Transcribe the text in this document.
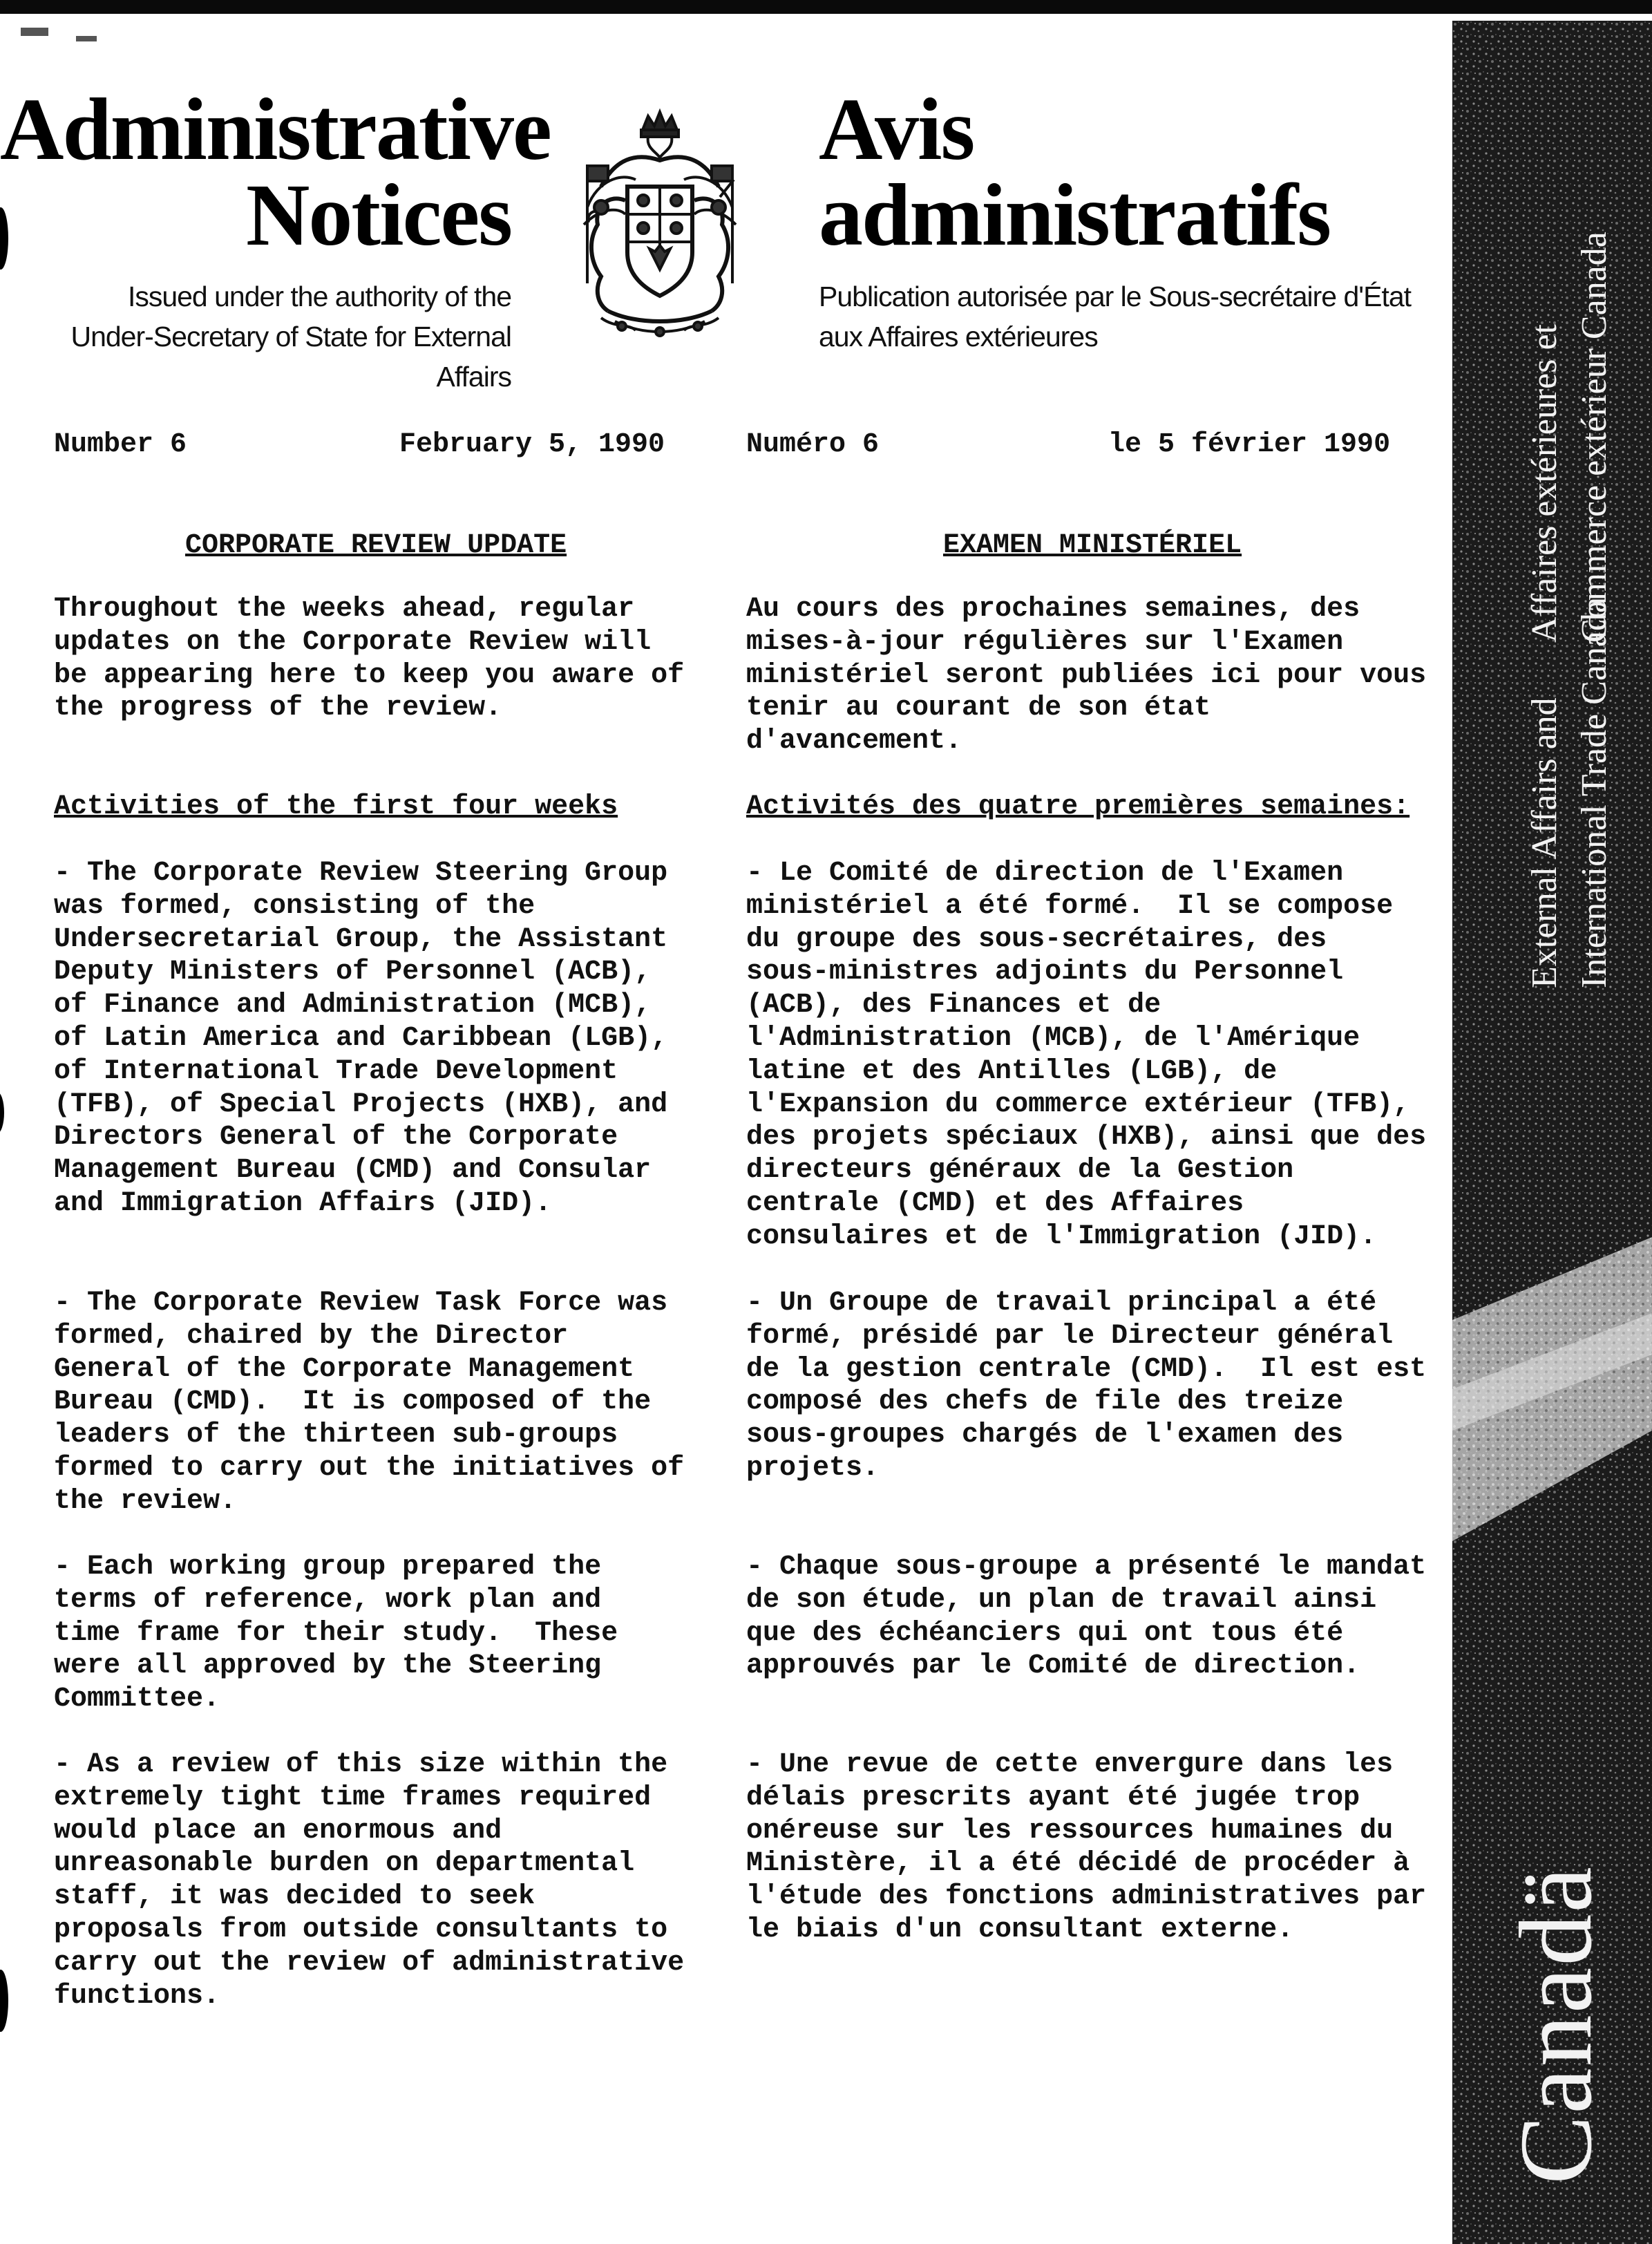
Administrative
Notices
Issued under the authority of the
Under-Secretary of State for External Affairs
Avis
administratifs
Publication autorisée par le Sous-secrétaire d'État
aux Affaires extérieures
Number 6	February 5, 1990	Numéro 6	le 5 février 1990
CORPORATE REVIEW UPDATE
Throughout the weeks ahead, regular
updates on the Corporate Review will
be appearing here to keep you aware of
the progress of the review.
Activities of the first four weeks
- The Corporate Review Steering Group
was formed, consisting of the
Undersecretarial Group, the Assistant
Deputy Ministers of Personnel (ACB),
of Finance and Administration (MCB),
of Latin America and Caribbean (LGB),
of International Trade Development
(TFB), of Special Projects (HXB), and
Directors General of the Corporate
Management Bureau (CMD) and Consular
and Immigration Affairs (JID).
- The Corporate Review Task Force was
formed, chaired by the Director
General of the Corporate Management
Bureau (CMD).  It is composed of the
leaders of the thirteen sub-groups
formed to carry out the initiatives of
the review.
- Each working group prepared the
terms of reference, work plan and
time frame for their study.  These
were all approved by the Steering
Committee.
- As a review of this size within the
extremely tight time frames required
would place an enormous and
unreasonable burden on departmental
staff, it was decided to seek
proposals from outside consultants to
carry out the review of administrative
functions.
EXAMEN MINISTÉRIEL
Au cours des prochaines semaines, des
mises-à-jour régulières sur l'Examen
ministériel seront publiées ici pour vous
tenir au courant de son état
d'avancement.
Activités des quatre premières semaines:
- Le Comité de direction de l'Examen
ministériel a été formé.  Il se compose
du groupe des sous-secrétaires, des
sous-ministres adjoints du Personnel
(ACB), des Finances et de
l'Administration (MCB), de l'Amérique
latine et des Antilles (LGB), de
l'Expansion du commerce extérieur (TFB),
des projets spéciaux (HXB), ainsi que des
directeurs généraux de la Gestion
centrale (CMD) et des Affaires
consulaires et de l'Immigration (JID).
- Un Groupe de travail principal a été
formé, présidé par le Directeur général
de la gestion centrale (CMD).  Il est est
composé des chefs de file des treize
sous-groupes chargés de l'examen des
projets.
- Chaque sous-groupe a présenté le mandat
de son étude, un plan de travail ainsi
que des échéanciers qui ont tous été
approuvés par le Comité de direction.
- Une revue de cette envergure dans les
délais prescrits ayant été jugée trop
onéreuse sur les ressources humaines du
Ministère, il a été décidé de procéder à
l'étude des fonctions administratives par
le biais d'un consultant externe.
Affaires extérieures et Commerce extérieur Canada
External Affairs and International Trade Canada
Canadä
